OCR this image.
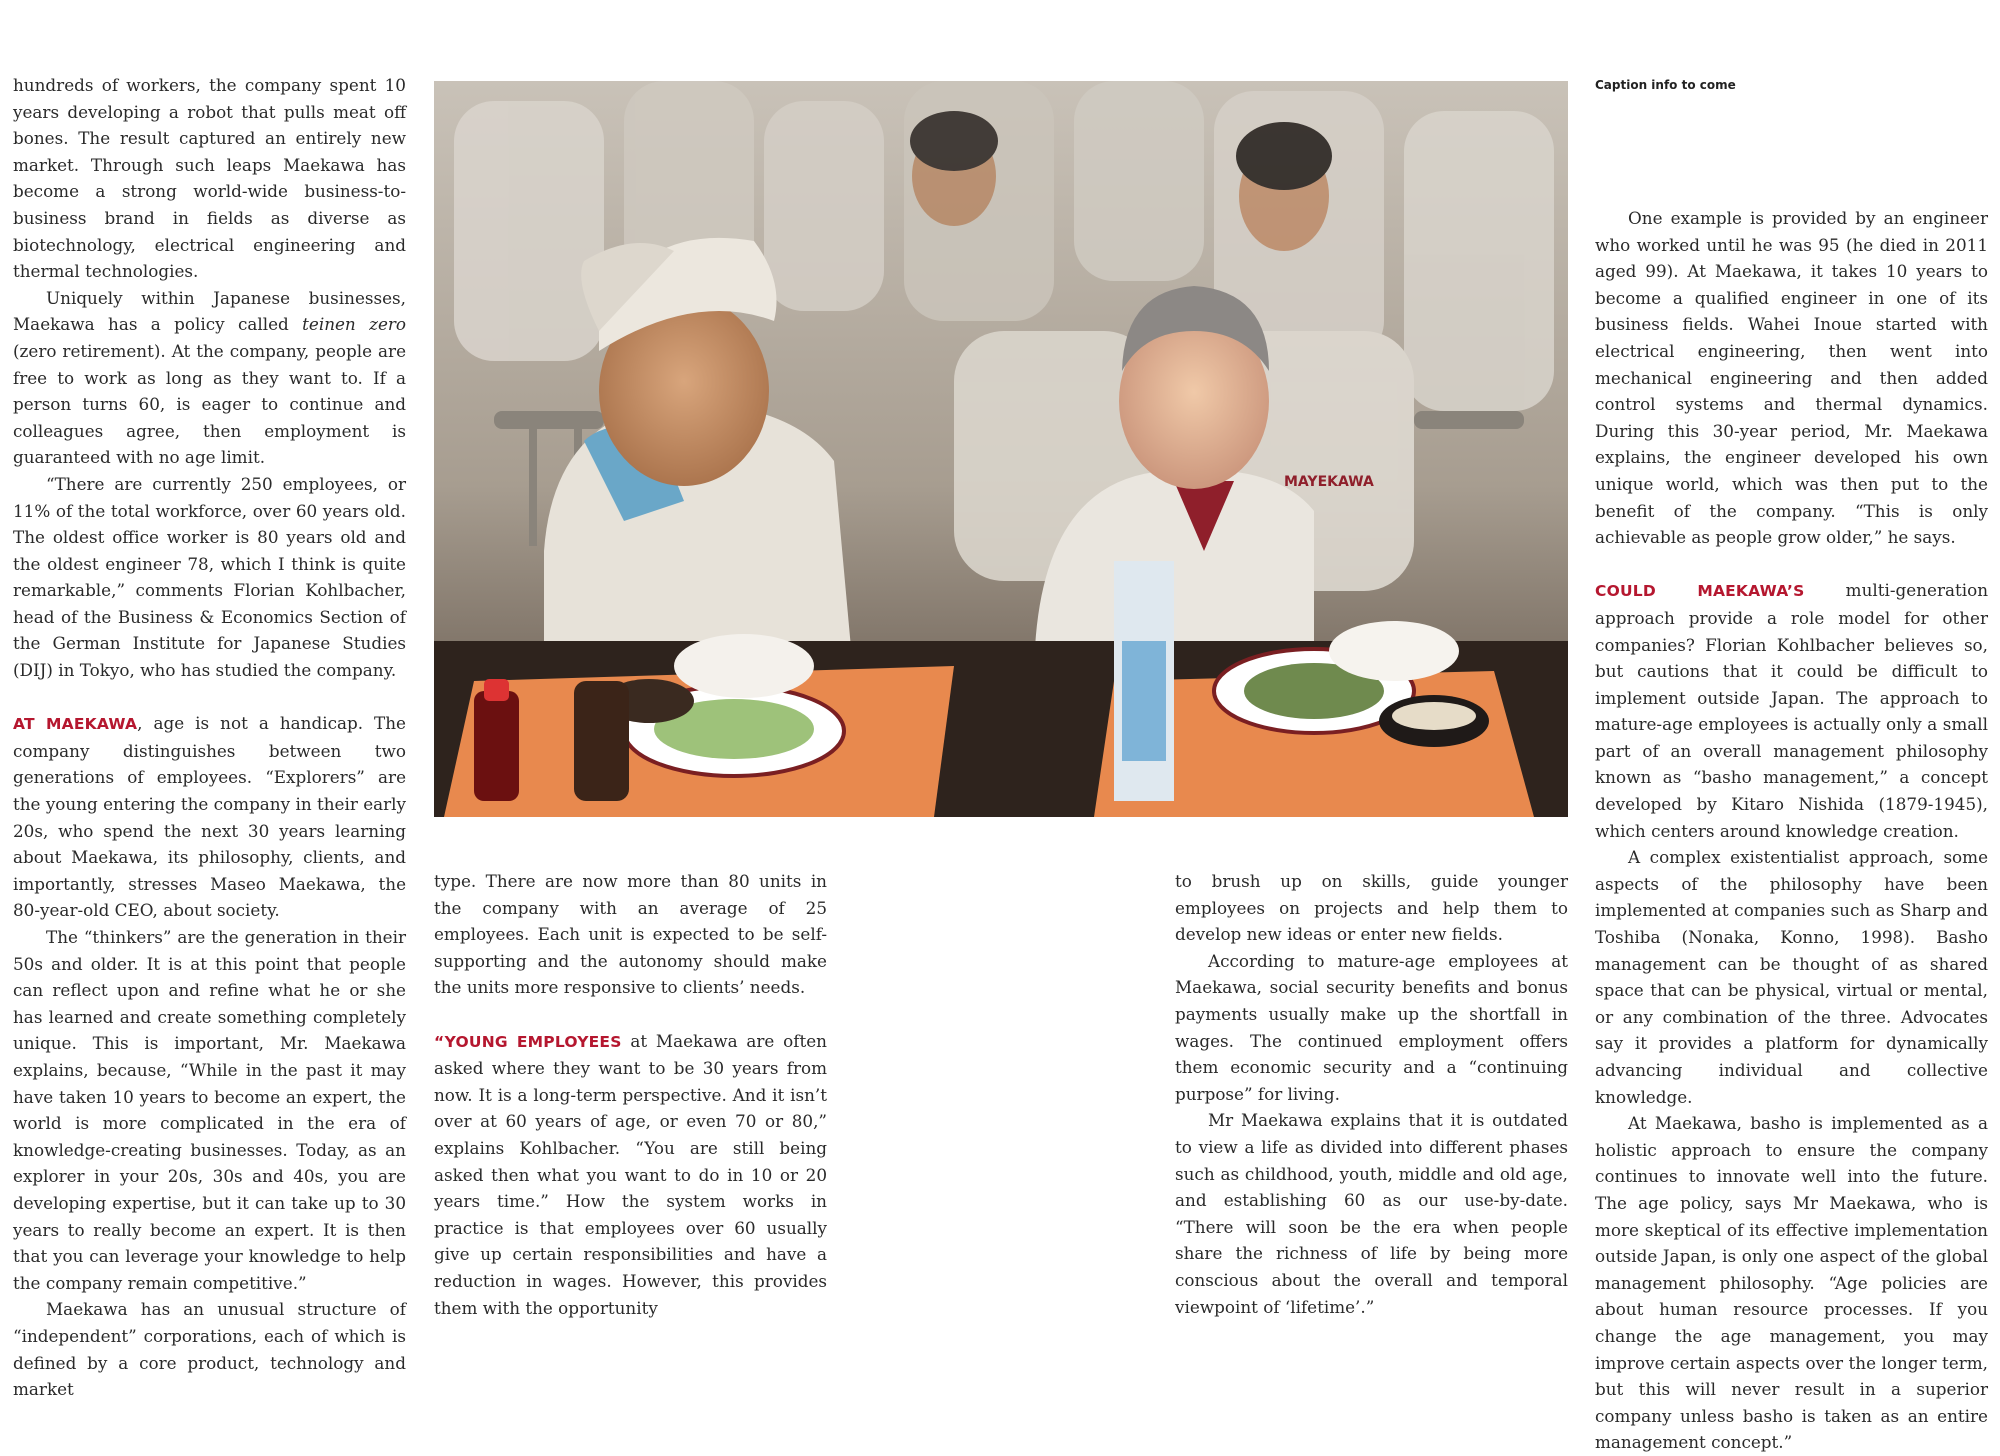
hundreds of workers, the company spent 10 years developing a robot that pulls meat off bones. The result captured an entirely new market. Through such leaps Maekawa has become a strong world-wide business-to-business brand in fields as diverse as biotechnology, electrical engineering and thermal technologies.

Uniquely within Japanese businesses, Maekawa has a policy called teinen zero (zero retirement). At the company, people are free to work as long as they want to. If a person turns 60, is eager to continue and colleagues agree, then employment is guaranteed with no age limit.

“There are currently 250 employees, or 11% of the total workforce, over 60 years old. The oldest office worker is 80 years old and the oldest engineer 78, which I think is quite remarkable,” comments Florian Kohlbacher, head of the Business & Economics Section of the German Institute for Japanese Studies (DIJ) in Tokyo, who has studied the company.

AT MAEKAWA, age is not a handicap. The company distinguishes between two generations of employees. “Explorers” are the young entering the company in their early 20s, who spend the next 30 years learning about Maekawa, its philosophy, clients, and importantly, stresses Maseo Maekawa, the 80-year-old CEO, about society.

The “thinkers” are the generation in their 50s and older. It is at this point that people can reflect upon and refine what he or she has learned and create something completely unique. This is important, Mr. Maekawa explains, because, “While in the past it may have taken 10 years to become an expert, the world is more complicated in the era of knowledge-creating businesses. Today, as an explorer in your 20s, 30s and 40s, you are developing expertise, but it can take up to 30 years to really become an expert. It is then that you can leverage your knowledge to help the company remain competitive.”

Maekawa has an unusual structure of “independent” corporations, each of which is defined by a core product, technology and market

MAYEKAWA
Caption info to come

type. There are now more than 80 units in the company with an average of 25 employees. Each unit is expected to be self-supporting and the autonomy should make the units more responsive to clients’ needs.

“YOUNG EMPLOYEES at Maekawa are often asked where they want to be 30 years from now. It is a long-term perspective. And it isn’t over at 60 years of age, or even 70 or 80,” explains Kohlbacher. “You are still being asked then what you want to do in 10 or 20 years time.” How the system works in practice is that employees over 60 usually give up certain responsibilities and have a reduction in wages. However, this provides them with the opportunity

to brush up on skills, guide younger employees on projects and help them to develop new ideas or enter new fields.

According to mature-age employees at Maekawa, social security benefits and bonus payments usually make up the shortfall in wages. The continued employment offers them economic security and a “continuing purpose” for living.

Mr Maekawa explains that it is outdated to view a life as divided into different phases such as childhood, youth, middle and old age, and establishing 60 as our use-by-date. “There will soon be the era when people share the richness of life by being more conscious about the overall and temporal viewpoint of ‘lifetime’.”

One example is provided by an engineer who worked until he was 95 (he died in 2011 aged 99). At Maekawa, it takes 10 years to become a qualified engineer in one of its business fields. Wahei Inoue started with electrical engineering, then went into mechanical engineering and then added control systems and thermal dynamics. During this 30-year period, Mr. Maekawa explains, the engineer developed his own unique world, which was then put to the benefit of the company. “This is only achievable as people grow older,” he says.

COULD MAEKAWA’S multi-generation approach provide a role model for other companies? Florian Kohlbacher believes so, but cautions that it could be difficult to implement outside Japan. The approach to mature-age employees is actually only a small part of an overall management philosophy known as “basho management,” a concept developed by Kitaro Nishida (1879-1945), which centers around knowledge creation.

A complex existentialist approach, some aspects of the philosophy have been implemented at companies such as Sharp and Toshiba (Nonaka, Konno, 1998). Basho management can be thought of as shared space that can be physical, virtual or mental, or any combination of the three. Advocates say it provides a platform for dynamically advancing individual and collective knowledge.

At Maekawa, basho is implemented as a holistic approach to ensure the company continues to innovate well into the future. The age policy, says Mr Maekawa, who is more skeptical of its effective implementation outside Japan, is only one aspect of the global management philosophy. “Age policies are about human resource processes. If you change the age management, you may improve certain aspects over the longer term, but this will never result in a superior company unless basho is taken as an entire management concept.”
